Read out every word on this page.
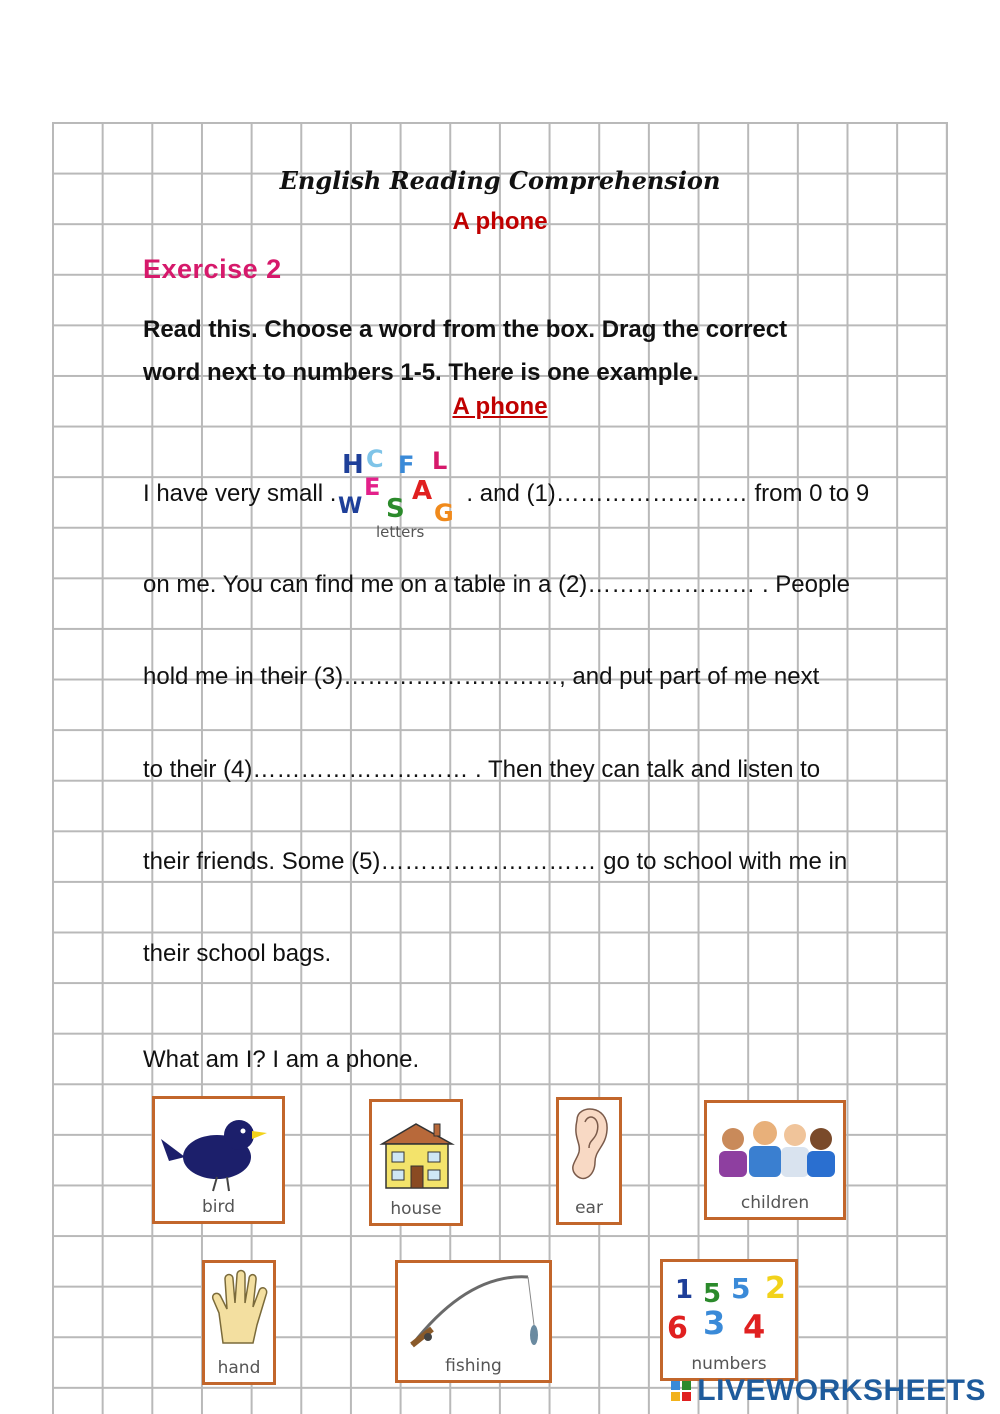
English Reading Comprehension
A phone
Exercise 2
Read this. Choose a word from the box. Drag the correct
word next to numbers 1-5. There is one example.
A phone
I have very small .
H C F L
E A
W S G
letters
. and (1)…………………… from 0 to 9
on me. You can find me on a table in a (2)………………… . People
hold me in their (3)………………………, and put part of me next
to their (4)……………………… . Then they can talk and listen to
their friends. Some (5)……………………… go to school with me in
their school bags.
What am I? I am a phone.
bird	house	ear	children
hand	fishing
1 5 5 2
6 3 4
numbers
LIVEWORKSHEETS
